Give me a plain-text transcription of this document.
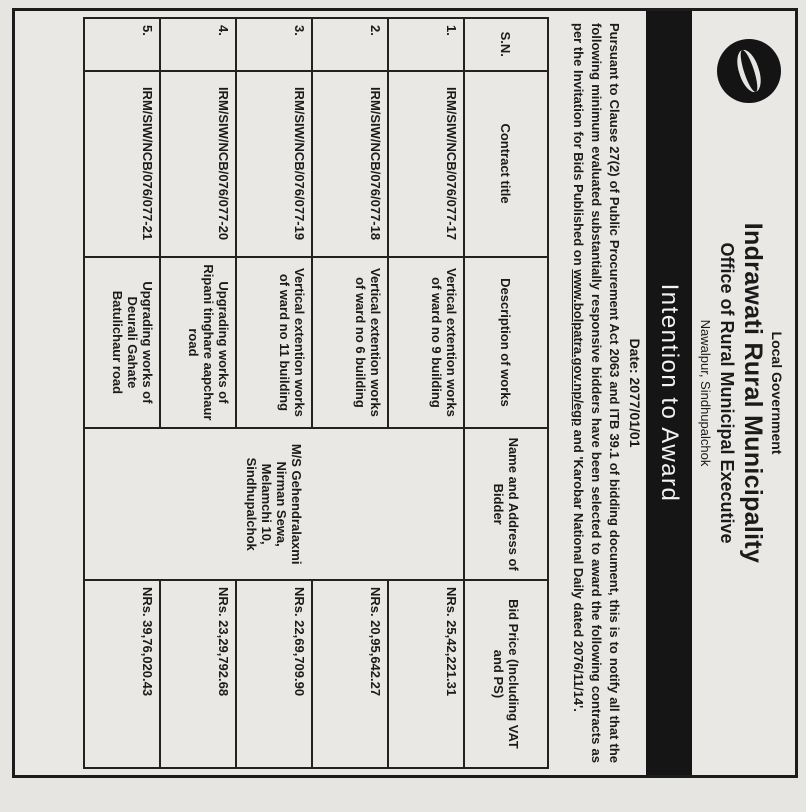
Local Government
Indrawati Rural Municipality
Office of Rural Municipal Executive
Nawalpur, Sindhupalchok
Intention to Award
Date: 2077/01/01
Pursuant to Clause 27(2) of Public Procurement Act 2063 and ITB 39.1 of bidding document, this is to notify all that the following minimum evaluated substantially responsive bidders have been selected to award the following contracts as per the Invitation for Bids Published on www.bolpatra.gov.np/egp and 'Karobar National Daily dated 2076/11/14'.
S.N.	Contract title	Description of works	Name and Address of Bidder	Bid Price (Including VAT and PS)
1.	IRM/SIW/NCB/076/077-17	Vertical extention works of ward no 9 building	M/S Gehendralaxmi Nirman Sewa, Melamchi 10, Sindhupalchok	NRs. 25,42,221.31
2.	IRM/SIW/NCB/076/077-18	Vertical extention works of ward no 6 building		NRs. 20,95,642.27
3.	IRM/SIW/NCB/076/077-19	Vertical extention works of ward no 11 building		NRs. 22,69,709.90
4.	IRM/SIW/NCB/076/077-20	Upgrading works of Ripani tinghare aapchaur road		NRs. 23,29,792.68
5.	IRM/SIW/NCB/076/077-21	Upgrading works of Deurali Gahate Batulichaur road		NRs. 39,76,020.43
